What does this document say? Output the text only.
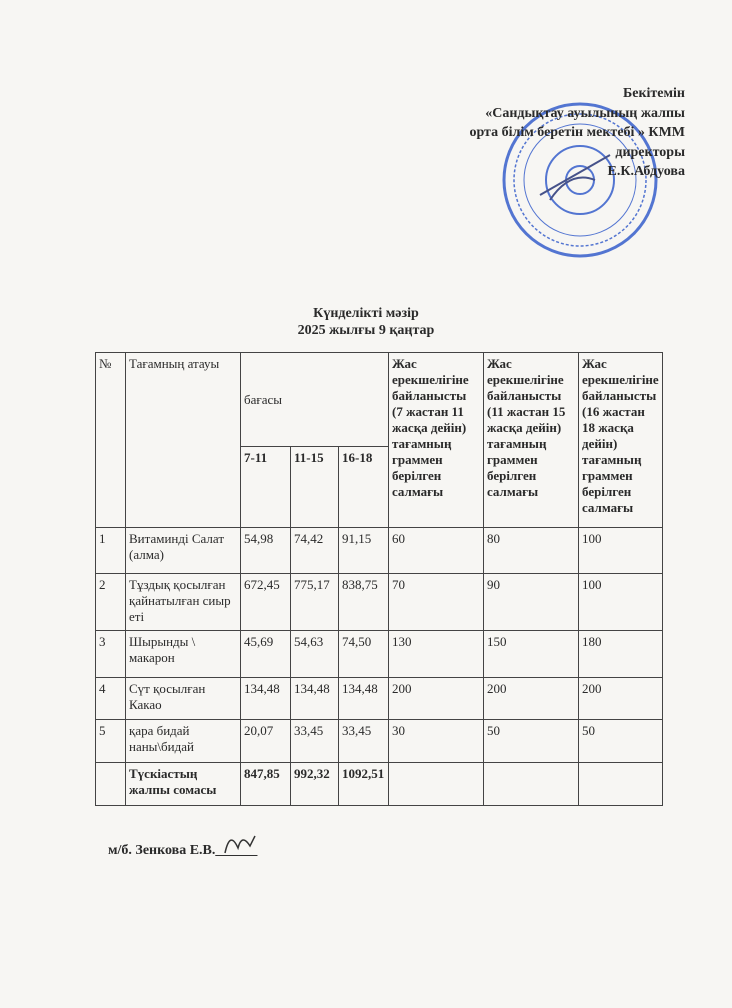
Бекітемін
«Сандықтау ауылының жалпы
орта білім беретін мектебі » КММ
директоры
Е.К.Абдуова
Күнделікті мәзір
2025 жылғы 9 қаңтар
№	Тағамның атауы	бағасы			Жас ерекшелігіне байланысты (7 жастан 11 жасқа дейін) тағамның граммен берілген салмағы	Жас ерекшелігіне байланысты (11 жастан 15 жасқа дейін) тағамның граммен берілген салмағы	Жас ерекшелігіне байланысты (16 жастан 18 жасқа дейін) тағамның граммен берілген салмағы
		7-11	11-15	16-18			
1	Витаминді Салат (алма)	54,98	74,42	91,15	60	80	100
2	Тұздық қосылған қайнатылған сиыр еті	672,45	775,17	838,75	70	90	100
3	Шырынды \ макарон	45,69	54,63	74,50	130	150	180
4	Сүт қосылған Какао	134,48	134,48	134,48	200	200	200
5	қара бидай наны\бидай	20,07	33,45	33,45	30	50	50
	Түскіастың жалпы сомасы	847,85	992,32	1092,51			
м/б. Зенкова Е.В.______
